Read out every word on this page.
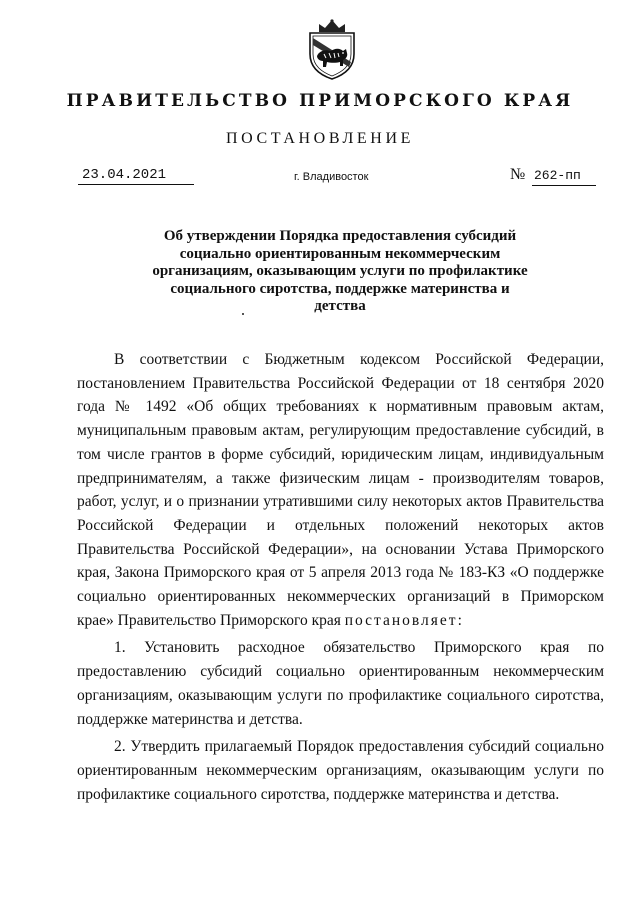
ПРАВИТЕЛЬСТВО ПРИМОРСКОГО КРАЯ
ПОСТАНОВЛЕНИЕ
23.04.2021	г. Владивосток	№ 262-пп

Об утверждении Порядка предоставления субсидий социально ориентированным некоммерческим организациям, оказывающим услуги по профилактике социального сиротства, поддержке материнства и детства

В соответствии с Бюджетным кодексом Российской Федерации, постановлением Правительства Российской Федерации от 18 сентября 2020 года № 1492 «Об общих требованиях к нормативным правовым актам, муниципальным правовым актам, регулирующим предоставление субсидий, в том числе грантов в форме субсидий, юридическим лицам, индивидуальным предпринимателям, а также физическим лицам - производителям товаров, работ, услуг, и о признании утратившими силу некоторых актов Правительства Российской Федерации и отдельных положений некоторых актов Правительства Российской Федерации», на основании Устава Приморского края, Закона Приморского края от 5 апреля 2013 года № 183-КЗ «О поддержке социально ориентированных некоммерческих организаций в Приморском крае» Правительство Приморского края постановляет:

1. Установить расходное обязательство Приморского края по предоставлению субсидий социально ориентированным некоммерческим организациям, оказывающим услуги по профилактике социального сиротства, поддержке материнства и детства.

2. Утвердить прилагаемый Порядок предоставления субсидий социально ориентированным некоммерческим организациям, оказывающим услуги по профилактике социального сиротства, поддержке материнства и детства.
